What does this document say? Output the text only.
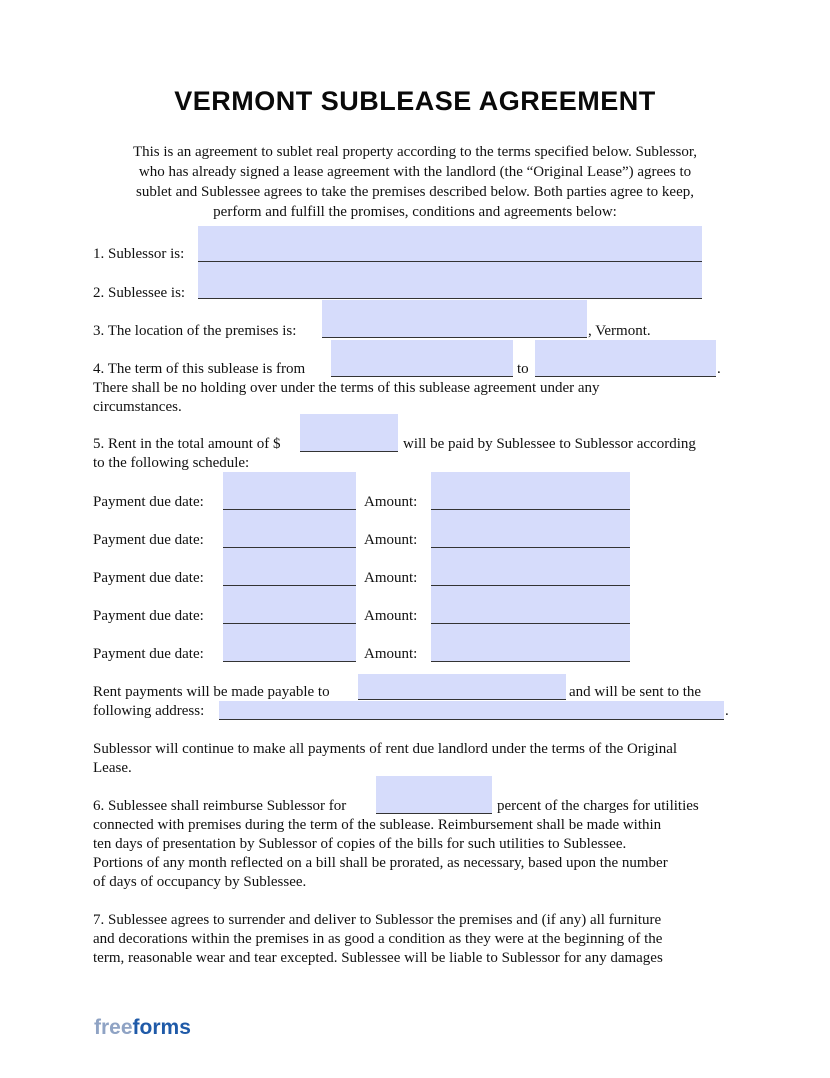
VERMONT SUBLEASE AGREEMENT
This is an agreement to sublet real property according to the terms specified below. Sublessor,
who has already signed a lease agreement with the landlord (the “Original Lease”) agrees to
sublet and Sublessee agrees to take the premises described below. Both parties agree to keep,
perform and fulfill the promises, conditions and agreements below:
1. Sublessor is:
2. Sublessee is:
3. The location of the premises is:	, Vermont.
4. The term of this sublease is from	to	.
There shall be no holding over under the terms of this sublease agreement under any
circumstances.
5. Rent in the total amount of $	will be paid by Sublessee to Sublessor according
to the following schedule:
Payment due date:	Amount:
Payment due date:	Amount:
Payment due date:	Amount:
Payment due date:	Amount:
Payment due date:	Amount:
Rent payments will be made payable to	and will be sent to the
following address:	.
Sublessor will continue to make all payments of rent due landlord under the terms of the Original
Lease.
6. Sublessee shall reimburse Sublessor for	percent of the charges for utilities
connected with premises during the term of the sublease. Reimbursement shall be made within
ten days of presentation by Sublessor of copies of the bills for such utilities to Sublessee.
Portions of any month reflected on a bill shall be prorated, as necessary, based upon the number
of days of occupancy by Sublessee.
7. Sublessee agrees to surrender and deliver to Sublessor the premises and (if any) all furniture
and decorations within the premises in as good a condition as they were at the beginning of the
term, reasonable wear and tear excepted. Sublessee will be liable to Sublessor for any damages
freeforms
